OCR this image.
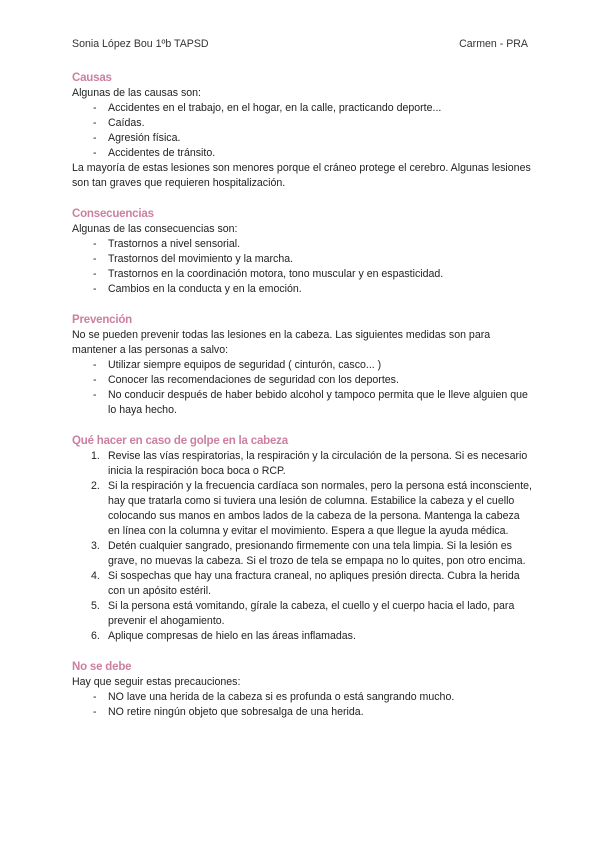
Sonia López Bou 1ºb TAPSD	Carmen - PRA
Causas

Algunas de las causas son:

- Accidentes en el trabajo, en el hogar, en la calle, practicando deporte...
- Caídas.
- Agresión física.
- Accidentes de tránsito.

La mayoría de estas lesiones son menores porque el cráneo protege el cerebro. Algunas lesiones son tan graves que requieren hospitalización.

Consecuencias

Algunas de las consecuencias son:

- Trastornos a nivel sensorial.
- Trastornos del movimiento y la marcha.
- Trastornos en la coordinación motora, tono muscular y en espasticidad.
- Cambios en la conducta y en la emoción.
Prevención

No se pueden prevenir todas las lesiones en la cabeza. Las siguientes medidas son para mantener a las personas a salvo:

- Utilizar siempre equipos de seguridad ( cinturón, casco... )
- Conocer las recomendaciones de seguridad con los deportes.
- No conducir después de haber bebido alcohol y tampoco permita que le lleve alguien que lo haya hecho.
Qué hacer en caso de golpe en la cabeza
1. Revise las vías respiratorias, la respiración y la circulación de la persona. Si es necesario inicia la respiración boca boca o RCP.
2. Si la respiración y la frecuencia cardíaca son normales, pero la persona está inconsciente, hay que tratarla como si tuviera una lesión de columna. Estabilice la cabeza y el cuello colocando sus manos en ambos lados de la cabeza de la persona. Mantenga la cabeza en línea con la columna y evitar el movimiento. Espera a que llegue la ayuda médica.
3. Detén cualquier sangrado, presionando firmemente con una tela limpia. Si la lesión es grave, no muevas la cabeza. Si el trozo de tela se empapa no lo quites, pon otro encima.
4. Si sospechas que hay una fractura craneal, no apliques presión directa. Cubra la herida con un apósito estéril.
5. Si la persona está vomitando, gírale la cabeza, el cuello y el cuerpo hacia el lado, para prevenir el ahogamiento.
6. Aplique compresas de hielo en las áreas inflamadas.
No se debe

Hay que seguir estas precauciones:

- NO lave una herida de la cabeza si es profunda o está sangrando mucho.
- NO retire ningún objeto que sobresalga de una herida.
